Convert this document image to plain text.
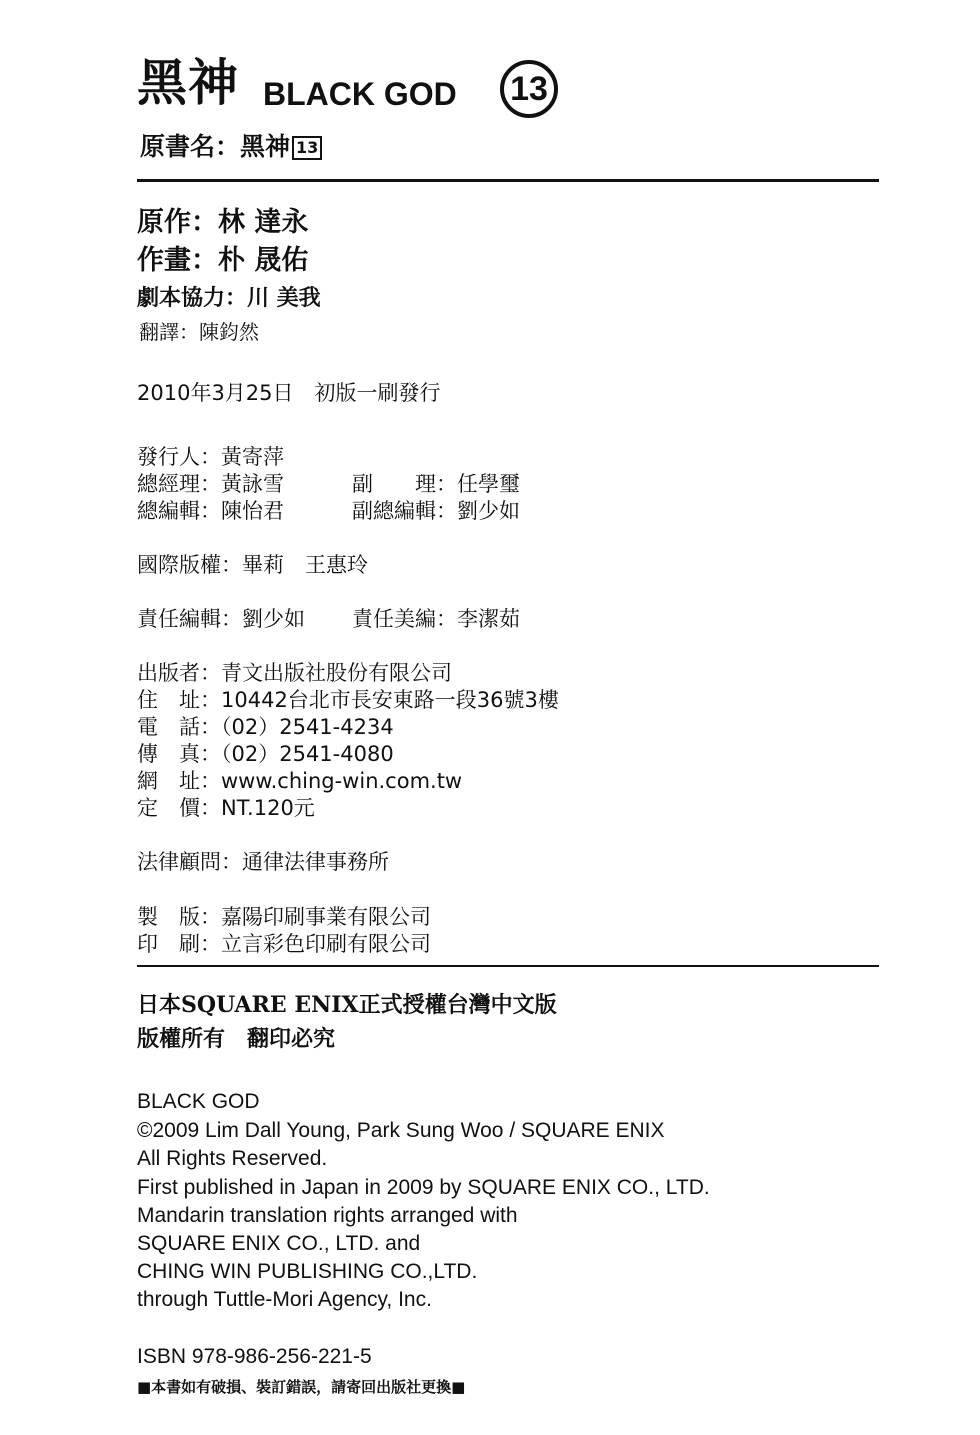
黑神 BLACK GOD 13
原書名：黑神 13
原作：林 達永
作畫：朴 晟佑
劇本協力：川 美我
翻譯：陳鈞然
2010年3月25日　初版一刷發行
發行人：黃寄萍
總經理：黃詠雪	副　　理：任學璽
總編輯：陳怡君	副總編輯：劉少如
國際版權：畢莉　王惠玲
責任編輯：劉少如 責任美編：李潔茹
出版者：青文出版社股份有限公司
住　址：10442台北市長安東路一段36號3樓
電　話：（02）2541-4234
傳　真：（02）2541-4080
網　址：www.ching-win.com.tw
定　價：NT.120元
法律顧問：通律法律事務所
製　版：嘉陽印刷事業有限公司
印　刷：立言彩色印刷有限公司
日本SQUARE ENIX正式授權台灣中文版
版權所有　翻印必究
BLACK GOD
©2009 Lim Dall Young, Park Sung Woo / SQUARE ENIX
All Rights Reserved.
First published in Japan in 2009 by SQUARE ENIX CO., LTD.
Mandarin translation rights arranged with
SQUARE ENIX CO., LTD. and
CHING WIN PUBLISHING CO.,LTD.
through Tuttle-Mori Agency, Inc.
ISBN 978-986-256-221-5
■本書如有破損、裝訂錯誤，請寄回出版社更換■
